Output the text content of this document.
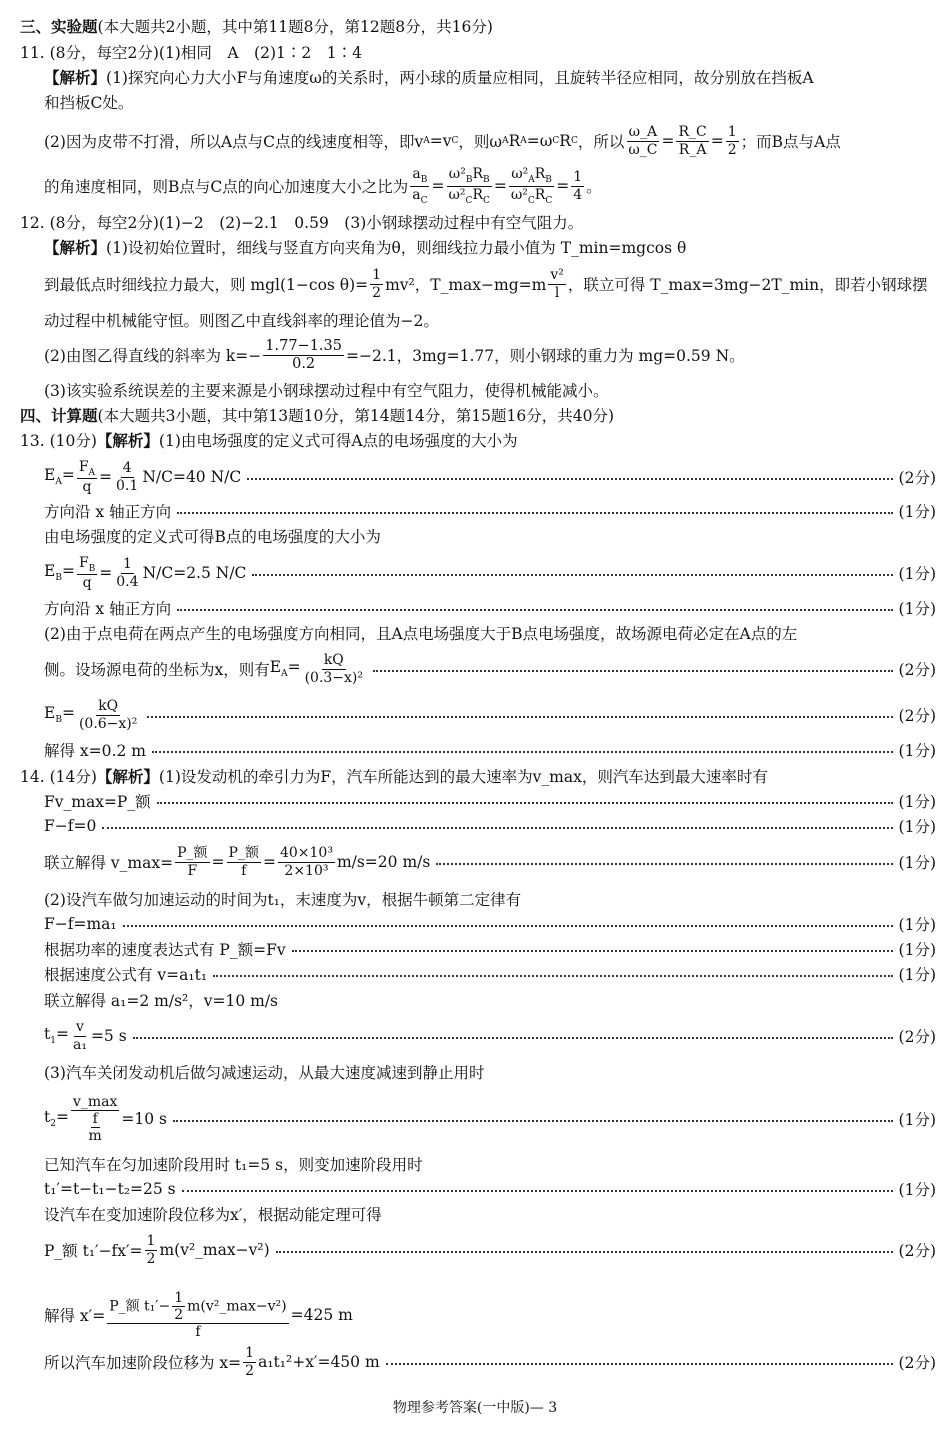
三、实验题 (本大题共2小题，其中第11题8分，第12题8分，共16分)
11. (8分，每空2分)(1)相同　A　(2)1∶2　1∶4
【解析】 (1)探究向心力大小F与角速度ω的关系时，两小球的质量应相同，且旋转半径应相同，故分别放在挡板A
和挡板C处。
(2)因为皮带不打滑，所以A点与C点的线速度相等，即v A =v C ，则ω A R A =ω C R C ，所以 $\frac{\omega\_A}{\omega\_C} = \frac{R\_C}{R\_A} = \frac{1}{2}$ ；而B点与A点
的角速度相同，则B点与C点的向心加速度大小之比为 $\frac{a_B}{a_C} = \frac{\omega^2_BR_B}{\omega^2_CR_C} = \frac{\omega^2_AR_B}{\omega^2_CR_C} = \frac{1}{4}$ 。
12. (8分，每空2分)(1)−2　(2)−2.1　0.59　(3)小钢球摆动过程中有空气阻力。
【解析】 (1)设初始位置时，细线与竖直方向夹角为θ，则细线拉力最小值为 T_min=mgcos θ
到最低点时细线拉力最大，则 mgl(1−cos $\theta)= \frac{1}{2} mv^2$，T_max−mg=m $\frac{\text{v²}}{l}$ ，联立可得 T_max=3mg−2T_min，即若小钢球摆
动过程中机械能守恒。则图乙中直线斜率的理论值为−2。
(2)由图乙得直线的斜率为 $k=- \frac{1.77-1.35}{0.2} =-2.1$，3mg=1.77，则小钢球的重力为 mg=0.59 N。
(3)该实验系统误差的主要来源是小钢球摆动过程中有空气阻力，使得机械能减小。
四、计算题 (本大题共3小题，其中第13题10分，第14题14分，第15题16分，共40分)
13. (10分) 【解析】 (1)由电场强度的定义式可得A点的电场强度的大小为
$E_A= \frac{F_A}{q} = \frac{4}{0.1} N/C=40$ N/C	(2分)
方向沿 x 轴正方向	(1分)
由电场强度的定义式可得B点的电场强度的大小为
$E_B= \frac{F_B}{q} = \frac{1}{0.4} N/C=2.5$ N/C	(1分)
方向沿 x 轴正方向	(1分)
(2)由于点电荷在两点产生的电场强度方向相同，且A点电场强度大于B点电场强度，故场源电荷必定在A点的左
侧。设场源电荷的坐标为x，则有 $E_A= \frac{kQ}{\text{(0.3−x)²}}$	(2分)
$E_B= \frac{kQ}{\text{(0.6−x)²}}$	(2分)
解得 x=0.2 m	(1分)
14. (14分) 【解析】 (1)设发动机的牵引力为F，汽车所能达到的最大速率为v_max，则汽车达到最大速率时有
Fv_max=P_额	(1分)
F−f=0	(1分)
联立解得 v_max= $\frac{\text{P\_额}}{F} = \frac{\text{P\_额}}{f} = \frac{\text{40×10³}}{\text{2×10³}} m/s=20$ m/s	(1分)
(2)设汽车做匀加速运动的时间为t₁，末速度为v，根据牛顿第二定律有
F−f=ma₁	(1分)
根据功率的速度表达式有 P_额=Fv	(1分)
根据速度公式有 v=a₁t₁	(1分)
联立解得 a₁=2 m/s²，v=10 m/s
$t_1= \frac{v}{\text{a₁}} =5$ s	(2分)
(3)汽车关闭发动机后做匀减速运动，从最大速度减速到静止用时
$t_2=$
v_max
$\frac{f}{m} =10$ s	(1分)
已知汽车在匀加速阶段用时 t₁=5 s，则变加速阶段用时
t₁′=t−t₁−t₂=25 s	(1分)
设汽车在变加速阶段位移为x′，根据动能定理可得
P_额 $t_1'-fx'= \frac{1}{2}$ m(v²_max−v²)	(2分)
解得 x′=
P_额 $t_1'- \frac{1}{2}$ m(v²_max−v²)
f
=425 m
所以汽车加速阶段位移为 $x= \frac{1}{2} a_1t_1^2+x'=450$ m	(2分)
物理参考答案(一中版)— 3
